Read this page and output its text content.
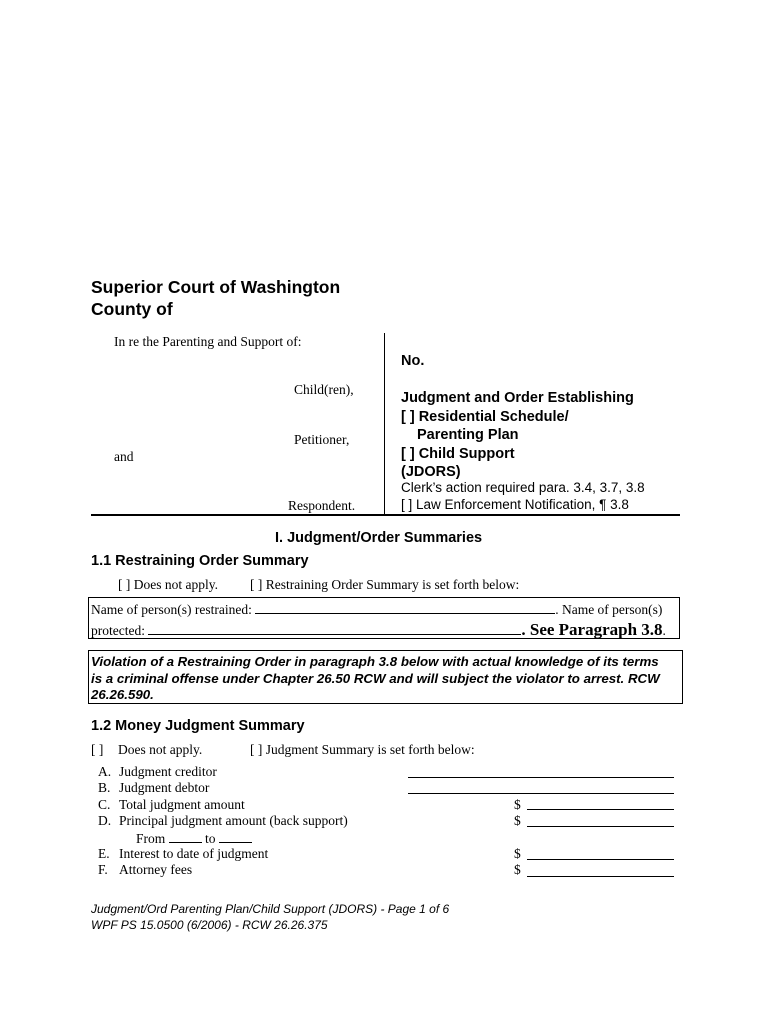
Superior Court of Washington
County of
In re the Parenting and Support of:
Child(ren),
Petitioner,
and
Respondent.
No.
Judgment and Order Establishing
[ ] Residential Schedule/
Parenting Plan
[ ] Child Support
(JDORS)
Clerk’s action required para. 3.4, 3.7, 3.8
[ ] Law Enforcement Notification, ¶ 3.8
I. Judgment/Order Summaries
1.1 Restraining Order Summary
[ ] Does not apply. [ ] Restraining Order Summary is set forth below:
Name of person(s) restrained:	. Name of person(s)
protected:	. See Paragraph 3.8.
Violation of a Restraining Order in paragraph 3.8 below with actual knowledge of its terms is a criminal offense under Chapter 26.50 RCW and will subject the violator to arrest. RCW 26.26.590.
1.2 Money Judgment Summary
[ ] Does not apply.	[ ] Judgment Summary is set forth below:
A. Judgment creditor
B. Judgment debtor
C. Total judgment amount	$
D. Principal judgment amount (back support)	$
From	to
E. Interest to date of judgment	$
F. Attorney fees	$
Judgment/Ord Parenting Plan/Child Support (JDORS) - Page 1 of 6
WPF PS 15.0500 (6/2006) - RCW 26.26.375
